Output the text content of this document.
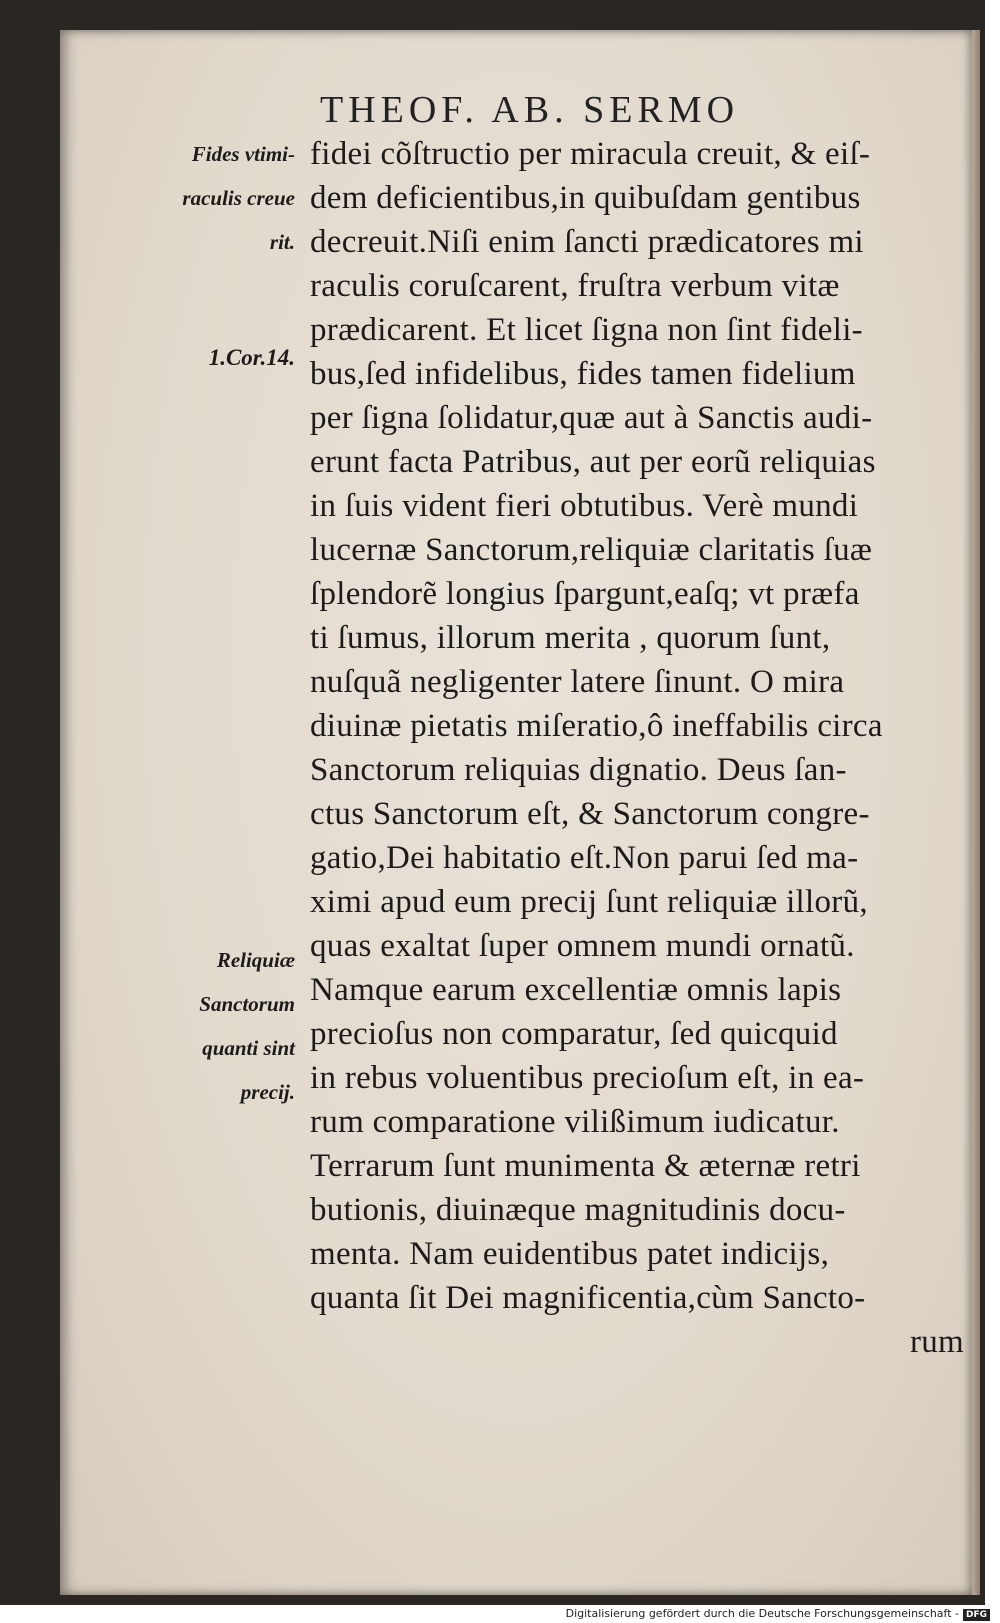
THEOF. AB. SERMO
Fides vtimi-
raculis creue
rit.
1.Cor.14.
Reliquiæ
Sanctorum
quanti sint
precij.
fidei cõſtructio per miracula creuit, & eiſ-
dem deficientibus,in quibuſdam gentibus
decreuit.Niſi enim ſancti prædicatores mi
raculis coruſcarent, fruſtra verbum vitæ
prædicarent. Et licet ſigna non ſint fideli-
bus,ſed infidelibus, fides tamen fidelium
per ſigna ſolidatur,quæ aut à Sanctis audi-
erunt facta Patribus, aut per eorũ reliquias
in ſuis vident fieri obtutibus. Verè mundi
lucernæ Sanctorum,reliquiæ claritatis ſuæ
ſplendorẽ longius ſpargunt,eaſq; vt præfa
ti ſumus, illorum merita , quorum ſunt,
nuſquã negligenter latere ſinunt. O mira
diuinæ pietatis miſeratio,ô ineffabilis circa
Sanctorum reliquias dignatio. Deus ſan-
ctus Sanctorum eſt, & Sanctorum congre-
gatio,Dei habitatio eſt.Non parui ſed ma-
ximi apud eum precij ſunt reliquiæ illorũ,
quas exaltat ſuper omnem mundi ornatũ.
Namque earum excellentiæ omnis lapis
precioſus non comparatur, ſed quicquid
in rebus voluentibus precioſum eſt, in ea-
rum comparatione vilißimum iudicatur.
Terrarum ſunt munimenta & æternæ retri
butionis, diuinæque magnitudinis docu-
menta. Nam euidentibus patet indicijs,
quanta ſit Dei magnificentia,cùm Sancto-
rum
Digitalisierung gefördert durch die Deutsche Forschungsgemeinschaft - DFG
